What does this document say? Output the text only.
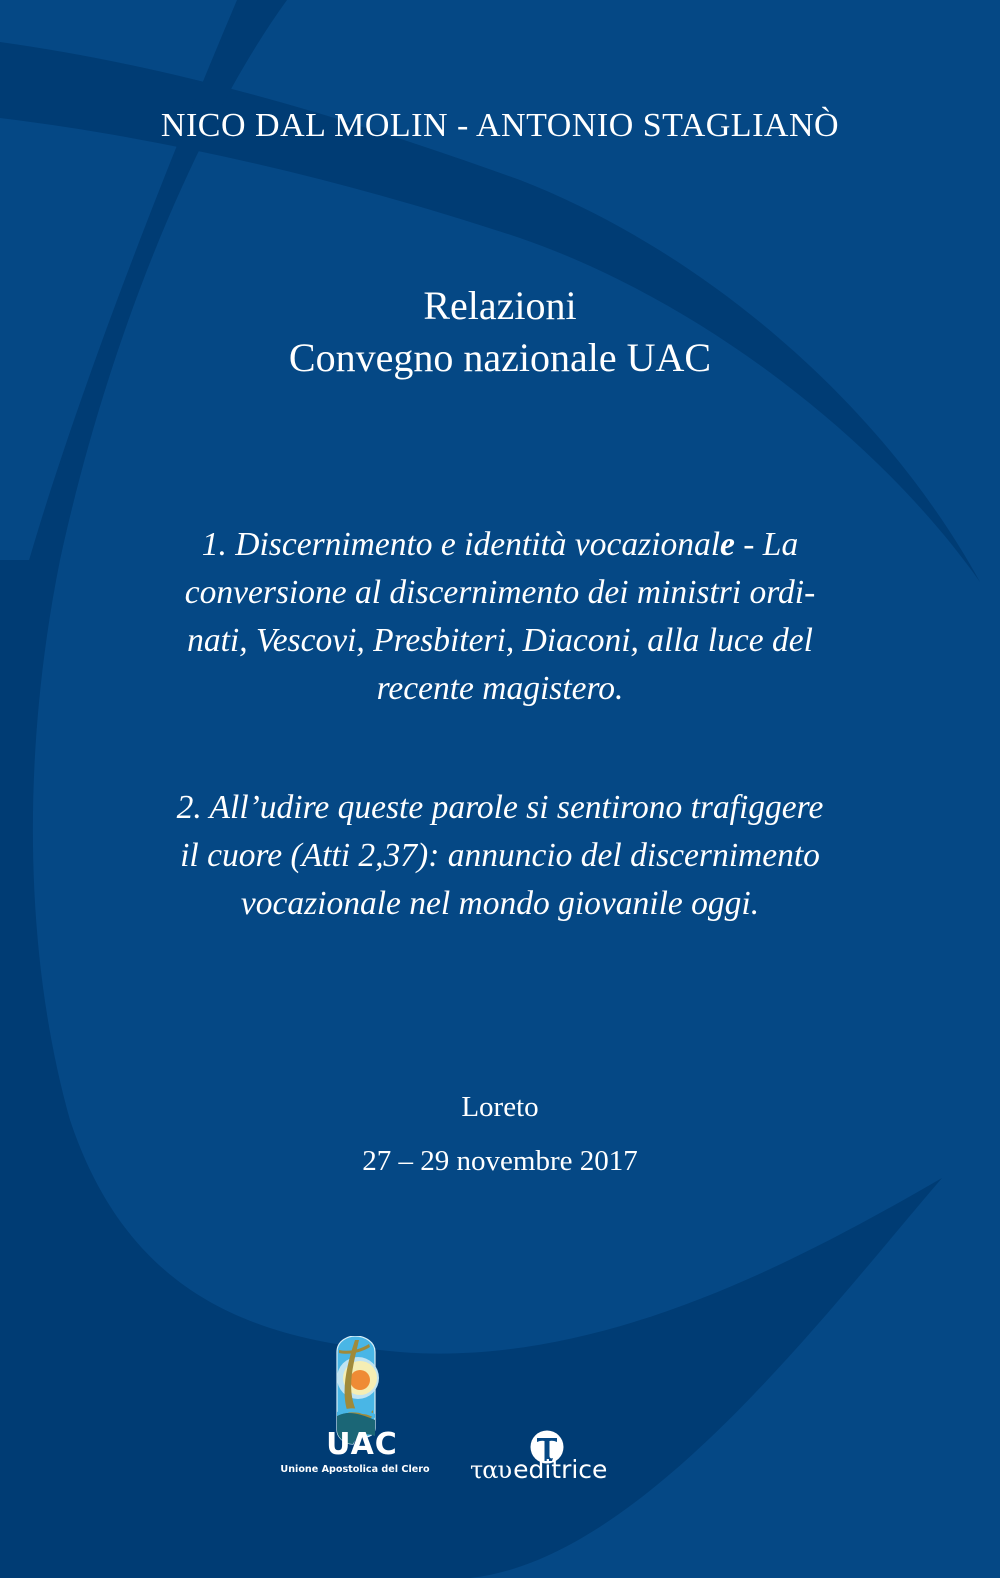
NICO DAL MOLIN - ANTONIO STAGLIANÒ
Relazioni
Convegno nazionale UAC
1. Discernimento e identità vocazionale - La
conversione al discernimento dei ministri ordi-
nati, Vescovi, Presbiteri, Diaconi, alla luce del
recente magistero.
2. All’udire queste parole si sentirono trafiggere
il cuore (Atti 2,37): annuncio del discernimento
vocazionale nel mondo giovanile oggi.
Loreto
27 – 29 novembre 2017
UAC
Unione Apostolica del Clero ταυeditrice
